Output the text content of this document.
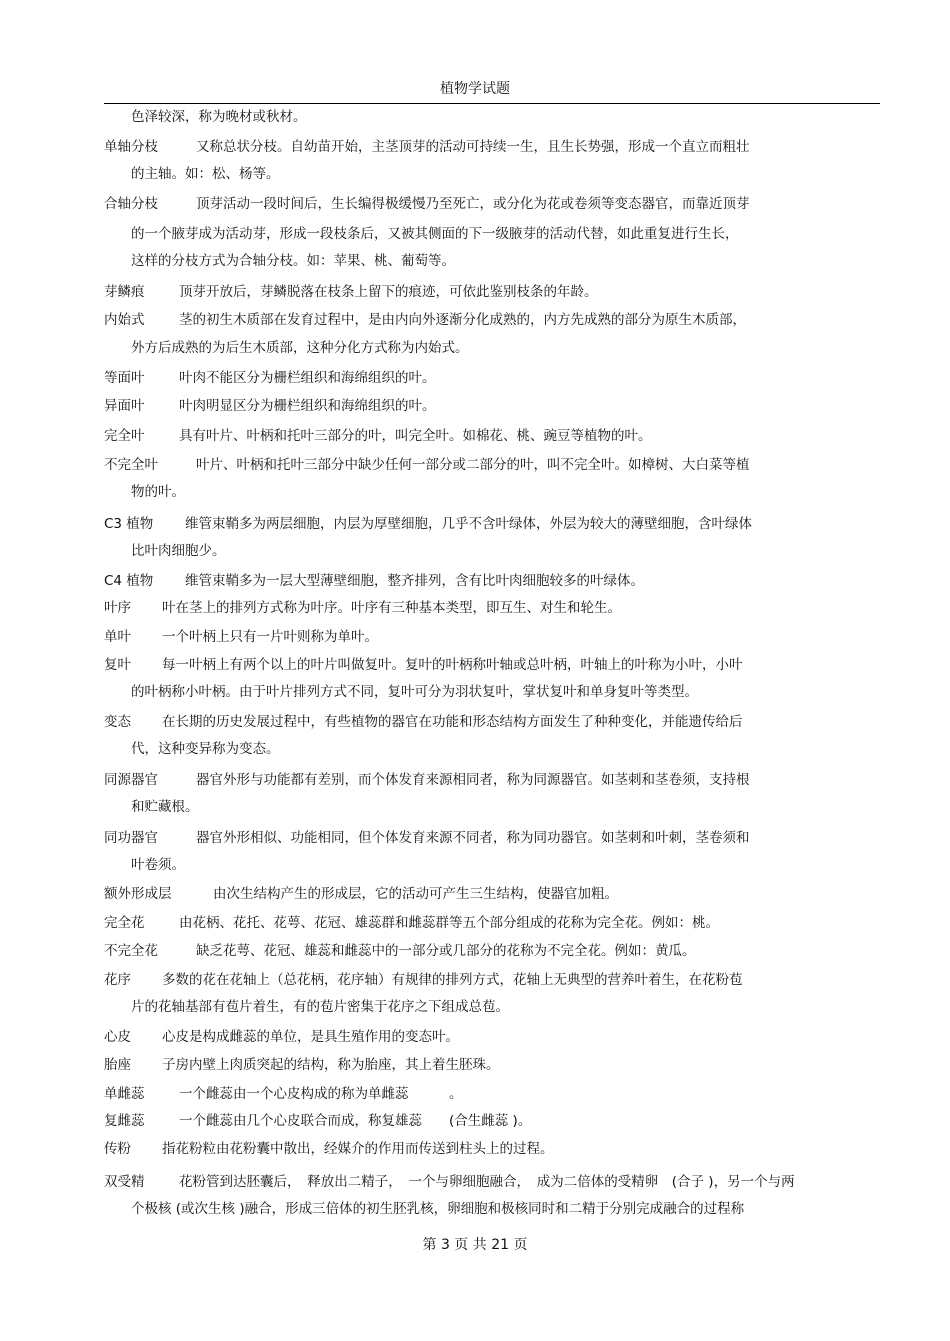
植物学试题
色泽较深，称为晚材或秋材。
单轴分枝	又称总状分枝。自幼苗开始，主茎顶芽的活动可持续一生，且生长势强，形成一个直立而粗壮
的主轴。如：松、杨等。
合轴分枝	顶芽活动一段时间后，生长编得极缓慢乃至死亡，或分化为花或卷须等变态器官，而靠近顶芽
的一个腋芽成为活动芽，形成一段枝条后，又被其侧面的下一级腋芽的活动代替，如此重复进行生长，
这样的分枝方式为合轴分枝。如：苹果、桃、葡萄等。
芽鳞痕	顶芽开放后，芽鳞脱落在枝条上留下的痕迹，可依此鉴别枝条的年龄。
内始式	茎的初生木质部在发育过程中，是由内向外逐渐分化成熟的，内方先成熟的部分为原生木质部，
外方后成熟的为后生木质部，这种分化方式称为内始式。
等面叶	叶肉不能区分为栅栏组织和海绵组织的叶。
异面叶	叶肉明显区分为栅栏组织和海绵组织的叶。
完全叶	具有叶片、叶柄和托叶三部分的叶，叫完全叶。如棉花、桃、豌豆等植物的叶。
不完全叶	叶片、叶柄和托叶三部分中缺少任何一部分或二部分的叶，叫不完全叶。如樟树、大白菜等植
物的叶。
C3 植物 维管束鞘多为两层细胞，内层为厚壁细胞，几乎不含叶绿体，外层为较大的薄壁细胞，含叶绿体
比叶肉细胞少。
C4 植物 维管束鞘多为一层大型薄壁细胞，整齐排列，含有比叶肉细胞较多的叶绿体。
叶序 叶在茎上的排列方式称为叶序。叶序有三种基本类型，即互生、对生和轮生。
单叶 一个叶柄上只有一片叶则称为单叶。
复叶 每一叶柄上有两个以上的叶片叫做复叶。复叶的叶柄称叶轴或总叶柄，叶轴上的叶称为小叶，小叶
的叶柄称小叶柄。由于叶片排列方式不同，复叶可分为羽状复叶，掌状复叶和单身复叶等类型。
变态 在长期的历史发展过程中，有些植物的器官在功能和形态结构方面发生了种种变化，并能遗传给后
代，这种变异称为变态。
同源器官	器官外形与功能都有差别，而个体发育来源相同者，称为同源器官。如茎刺和茎卷须，支持根
和贮藏根。
同功器官	器官外形相似、功能相同，但个体发育来源不同者，称为同功器官。如茎刺和叶刺，茎卷须和
叶卷须。
额外形成层	由次生结构产生的形成层，它的活动可产生三生结构，使器官加粗。
完全花	由花柄、花托、花萼、花冠、雄蕊群和雌蕊群等五个部分组成的花称为完全花。例如：桃。
不完全花	缺乏花萼、花冠、雄蕊和雌蕊中的一部分或几部分的花称为不完全花。例如：黄瓜。
花序 多数的花在花轴上（总花柄，花序轴）有规律的排列方式，花轴上无典型的营养叶着生，在花粉苞
片的花轴基部有苞片着生，有的苞片密集于花序之下组成总苞。
心皮 心皮是构成雌蕊的单位，是具生殖作用的变态叶。
胎座 子房内壁上肉质突起的结构，称为胎座，其上着生胚珠。
单雌蕊	一个雌蕊由一个心皮构成的称为单雌蕊　　　。
复雌蕊	一个雌蕊由几个心皮联合而成，称复雄蕊　　(合生雌蕊 )。
传粉 指花粉粒由花粉囊中散出，经媒介的作用而传送到柱头上的过程。
双受精	花粉管到达胚囊后，　释放出二精子，　一个与卵细胞融合，　成为二倍体的受精卵　(合子 )，另一个与两
个极核 (或次生核 )融合，形成三倍体的初生胚乳核，卵细胞和极核同时和二精于分别完成融合的过程称
第 3 页 共 21 页
